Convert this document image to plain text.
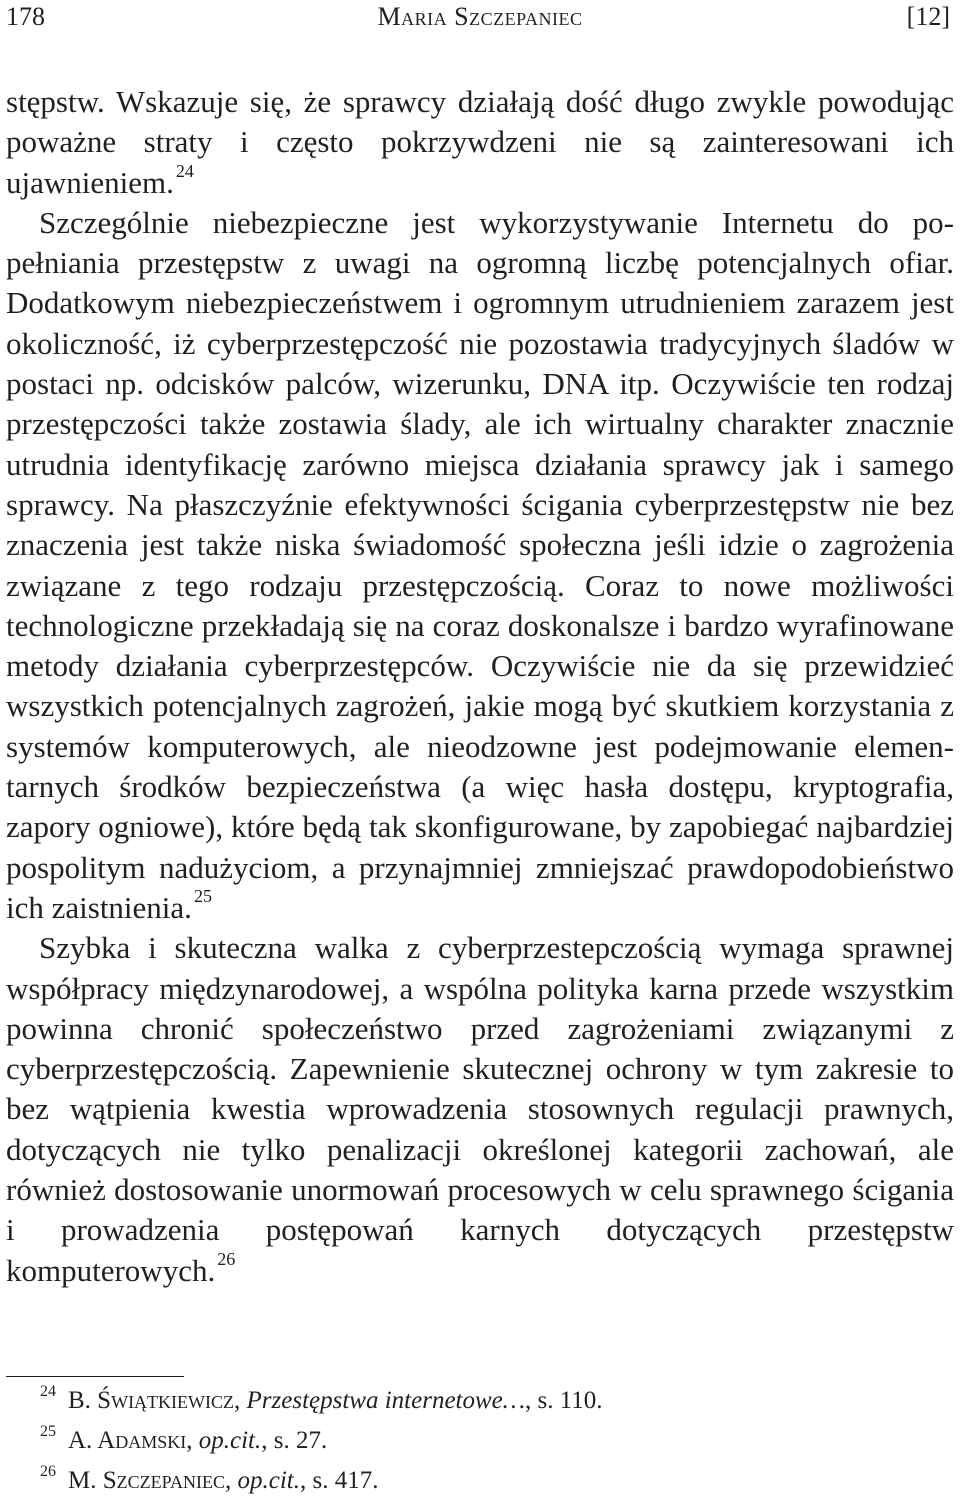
178	Maria Szczepaniec	[12]

stępstw. Wskazuje się, że sprawcy działają dość długo zwykle powodując poważne straty i często pokrzywdzeni nie są zainteresowani ich ujawnieniem. $^{24}$

Szczególnie niebezpieczne jest wykorzystywanie Internetu do popełniania przestępstw z uwagi na ogromną liczbę potencjalnych ofiar. Dodatkowym niebezpieczeństwem i ogromnym utrudnieniem zarazem jest okoliczność, iż cyberprzestępczość nie pozostawia tradycyjnych śladów w postaci np. odcisków palców, wizerunku, DNA itp. Oczywiście ten rodzaj przestępczości także zostawia ślady, ale ich wirtualny charakter znacznie utrudnia identyfikację zarówno miejsca działania sprawcy jak i samego sprawcy. Na płaszczyźnie efektywności ścigania cyberprzestępstw nie bez znaczenia jest także niska świadomość społeczna jeśli idzie o zagrożenia związane z tego rodzaju przestępczością. Coraz to nowe możliwości technologiczne przekładają się na coraz doskonalsze i bardzo wyrafinowane metody działania cyberprzestępców. Oczywiście nie da się przewidzieć wszystkich potencjalnych zagrożeń, jakie mogą być skutkiem korzystania z systemów komputerowych, ale nieodzowne jest podejmowanie elementarnych środków bezpieczeństwa (a więc hasła dostępu, kryptografia, zapory ogniowe), które będą tak skonfigurowane, by zapobiegać najbardziej pospolitym nadużyciom, a przynajmniej zmniejszać prawdopodobieństwo ich zaistnienia. $^{25}$

Szybka i skuteczna walka z cyberprzestepczością wymaga sprawnej współpracy międzynarodowej, a wspólna polityka karna przede wszystkim powinna chronić społeczeństwo przed zagrożeniami związanymi z cyberprzestępczością. Zapewnienie skutecznej ochrony w tym zakresie to bez wątpienia kwestia wprowadzenia stosownych regulacji prawnych, dotyczących nie tylko penalizacji określonej kategorii zachowań, ale również dostosowanie unormowań procesowych w celu sprawnego ścigania i prowadzenia postępowań karnych dotyczących przestępstw komputerowych. $^{26}$

24 B. Świątkiewicz, Przestępstwa internetowe…, s. 110.
25 A. Adamski, op.cit., s. 27.
26 M. Szczepaniec, op.cit., s. 417.
